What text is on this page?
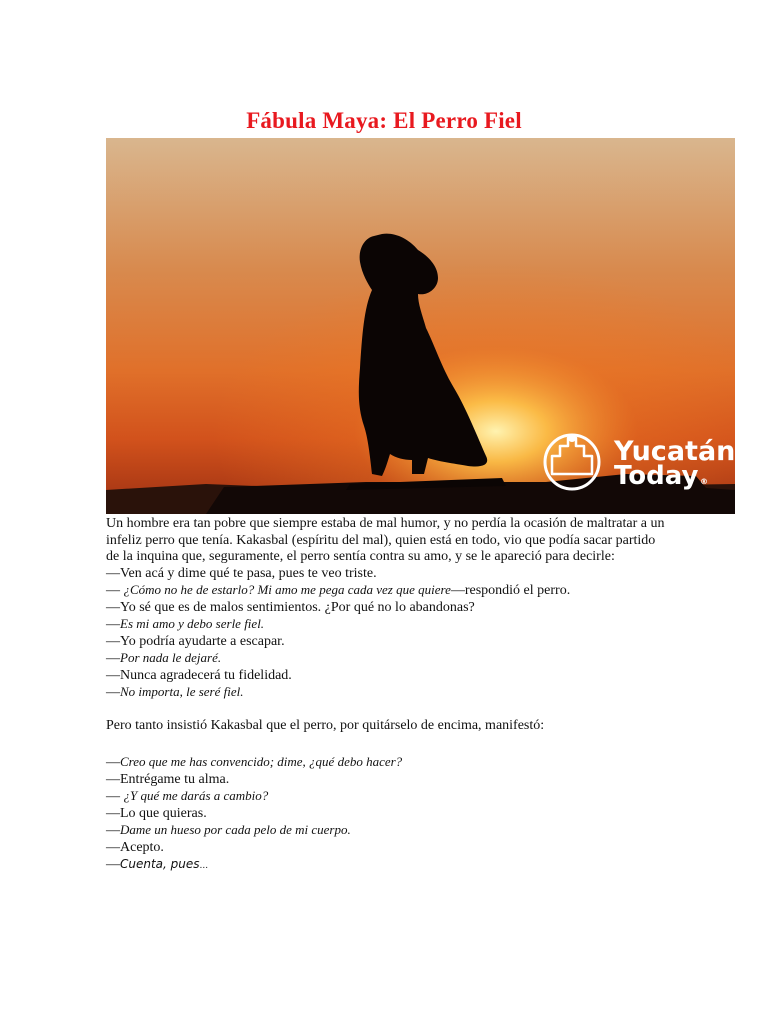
Fábula Maya: El Perro Fiel
Yucatán
Today ®

Un hombre era tan pobre que siempre estaba de mal humor, y no perdía la ocasión de maltratar a un infeliz perro que tenía. Kakasbal (espíritu del mal), quien está en todo, vio que podía sacar partido de la inquina que, seguramente, el perro sentía contra su amo, y se le apareció para decirle:

—Ven acá y dime qué te pasa, pues te veo triste.

— ¿Cómo no he de estarlo? Mi amo me pega cada vez que quiere—respondió el perro.

—Yo sé que es de malos sentimientos. ¿Por qué no lo abandonas?

—Es mi amo y debo serle fiel.

—Yo podría ayudarte a escapar.

—Por nada le dejaré.

—Nunca agradecerá tu fidelidad.

—No importa, le seré fiel.

Pero tanto insistió Kakasbal que el perro, por quitárselo de encima, manifestó:

—Creo que me has convencido; dime, ¿qué debo hacer?

—Entrégame tu alma.

— ¿Y qué me darás a cambio?

—Lo que quieras.

—Dame un hueso por cada pelo de mi cuerpo.

—Acepto.

—Cuenta, pues...
